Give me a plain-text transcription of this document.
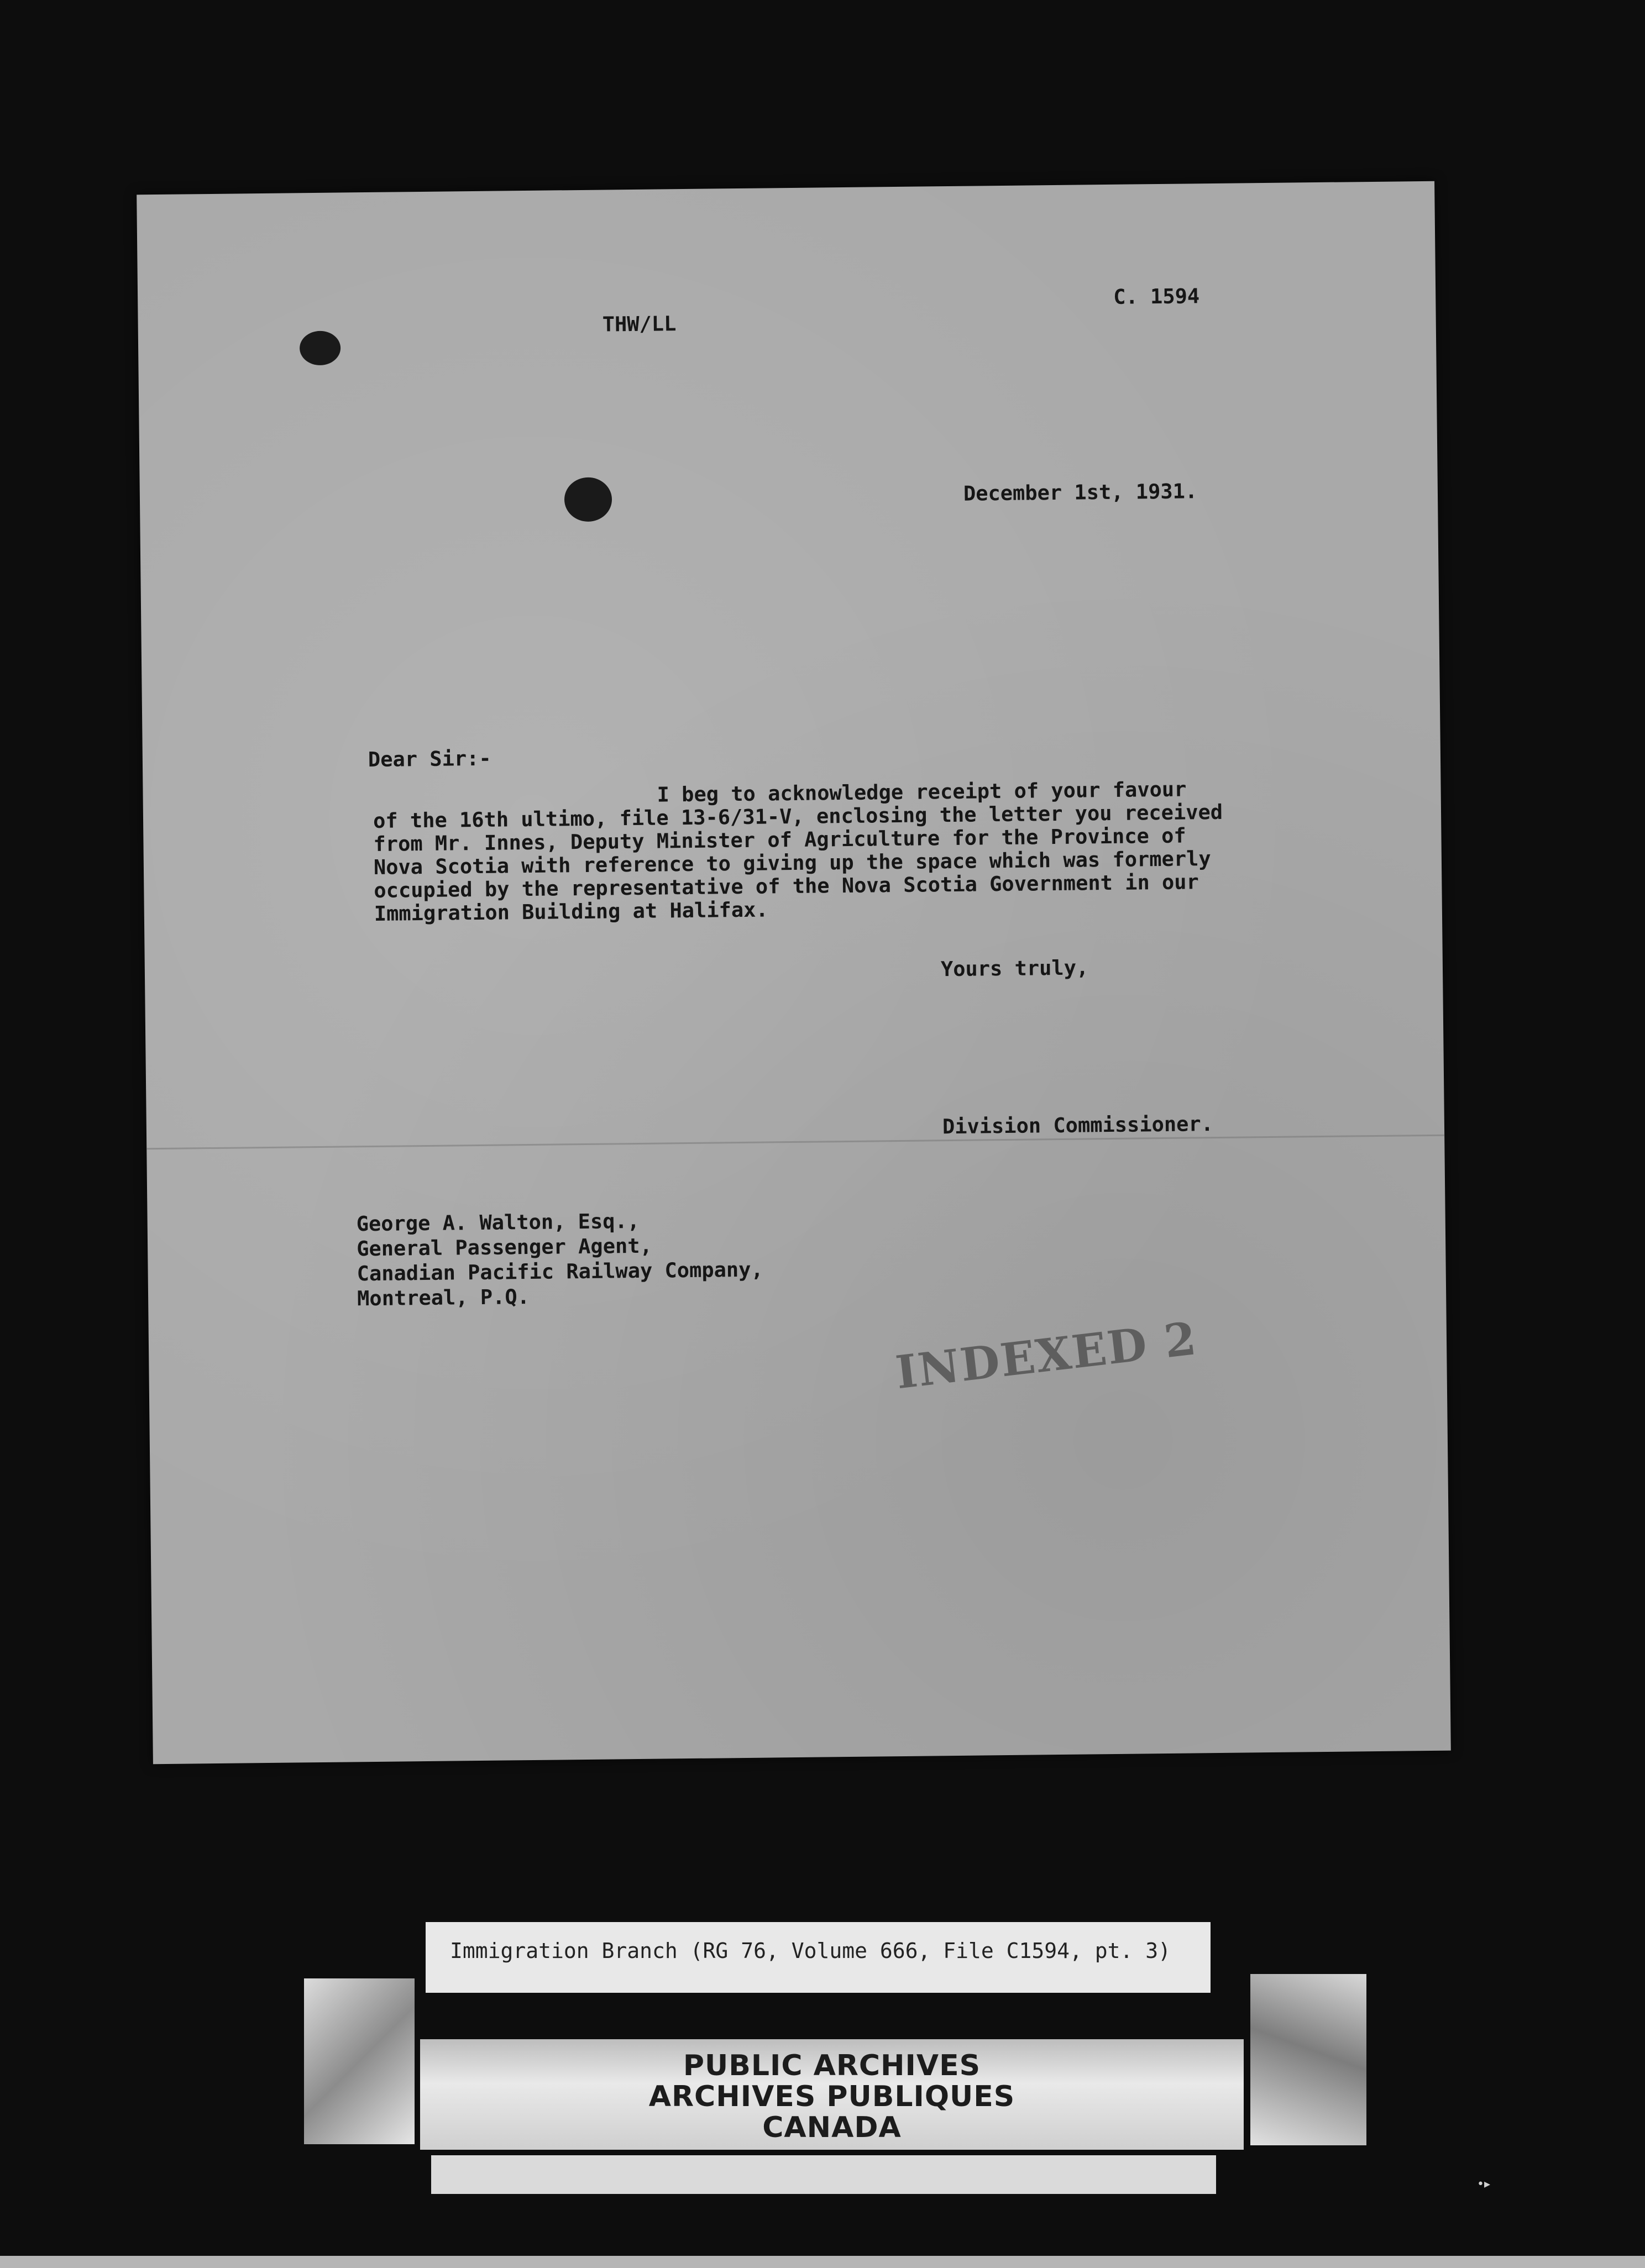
THW/LL
C. 1594
December 1st, 1931.
Dear Sir:-
I beg to acknowledge receipt of your favour
of the 16th ultimo, file 13-6/31-V, enclosing the letter you received
from Mr. Innes, Deputy Minister of Agriculture for the Province of
Nova Scotia with reference to giving up the space which was formerly
occupied by the representative of the Nova Scotia Government in our
Immigration Building at Halifax.
Yours truly,
Division Commissioner.
George A. Walton, Esq.,
General Passenger Agent,
Canadian Pacific Railway Company,
Montreal, P.Q.
INDEXED 2
Immigration Branch (RG 76, Volume 666, File C1594, pt. 3)
PUBLIC ARCHIVES
ARCHIVES PUBLIQUES
CANADA
•▸
